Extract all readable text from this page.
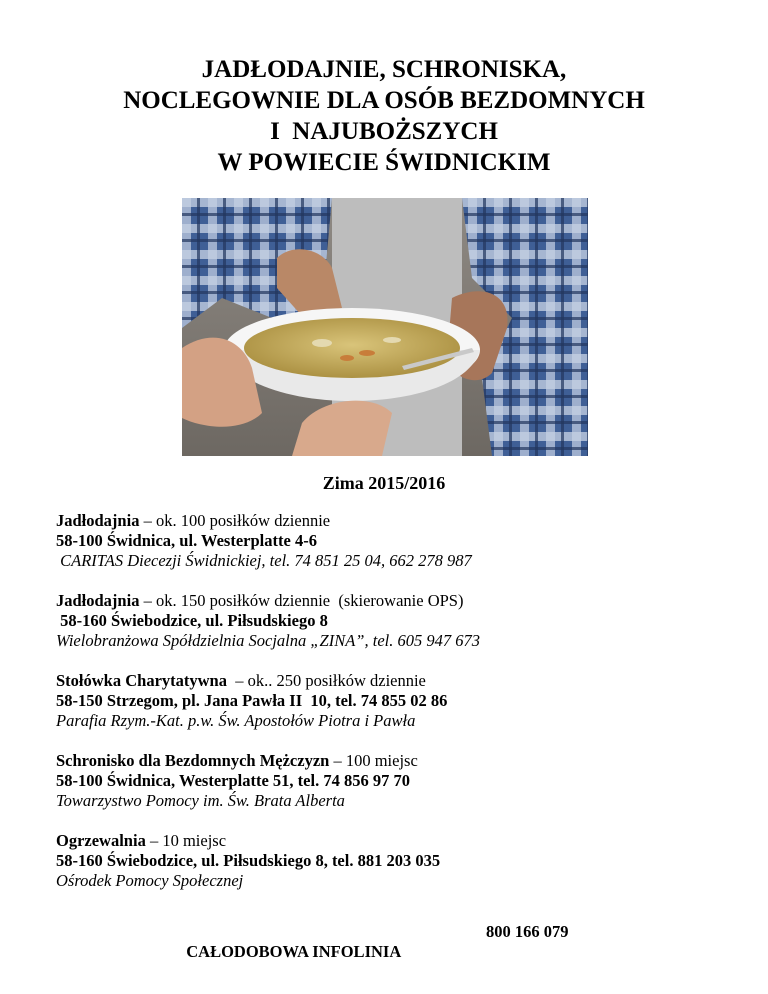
JADŁODAJNIE, SCHRONISKA,
NOCLEGOWNIE DLA OSÓB BEZDOMNYCH
I  NAJUBOŻSZYCH
W POWIECIE ŚWIDNICKIM
Zima 2015/2016
Jadłodajnia – ok. 100 posiłków dziennie
58-100 Świdnica, ul. Westerplatte 4-6
CARITAS Diecezji Świdnickiej, tel. 74 851 25 04, 662 278 987
Jadłodajnia – ok. 150 posiłków dziennie  (skierowanie OPS)
58-160 Świebodzice, ul. Piłsudskiego 8
Wielobranżowa Spółdzielnia Socjalna „ZINA”, tel. 605 947 673
Stołówka Charytatywna  – ok.. 250 posiłków dziennie
58-150 Strzegom, pl. Jana Pawła II  10, tel. 74 855 02 86
Parafia Rzym.-Kat. p.w. Św. Apostołów Piotra i Pawła
Schronisko dla Bezdomnych Mężczyzn – 100 miejsc
58-100 Świdnica, Westerplatte 51, tel. 74 856 97 70
Towarzystwo Pomocy im. Św. Brata Alberta
Ogrzewalnia – 10 miejsc
58-160 Świebodzice, ul. Piłsudskiego 8, tel. 881 203 035
Ośrodek Pomocy Społecznej

CAŁODOBOWA INFOLINIA

800 166 079
